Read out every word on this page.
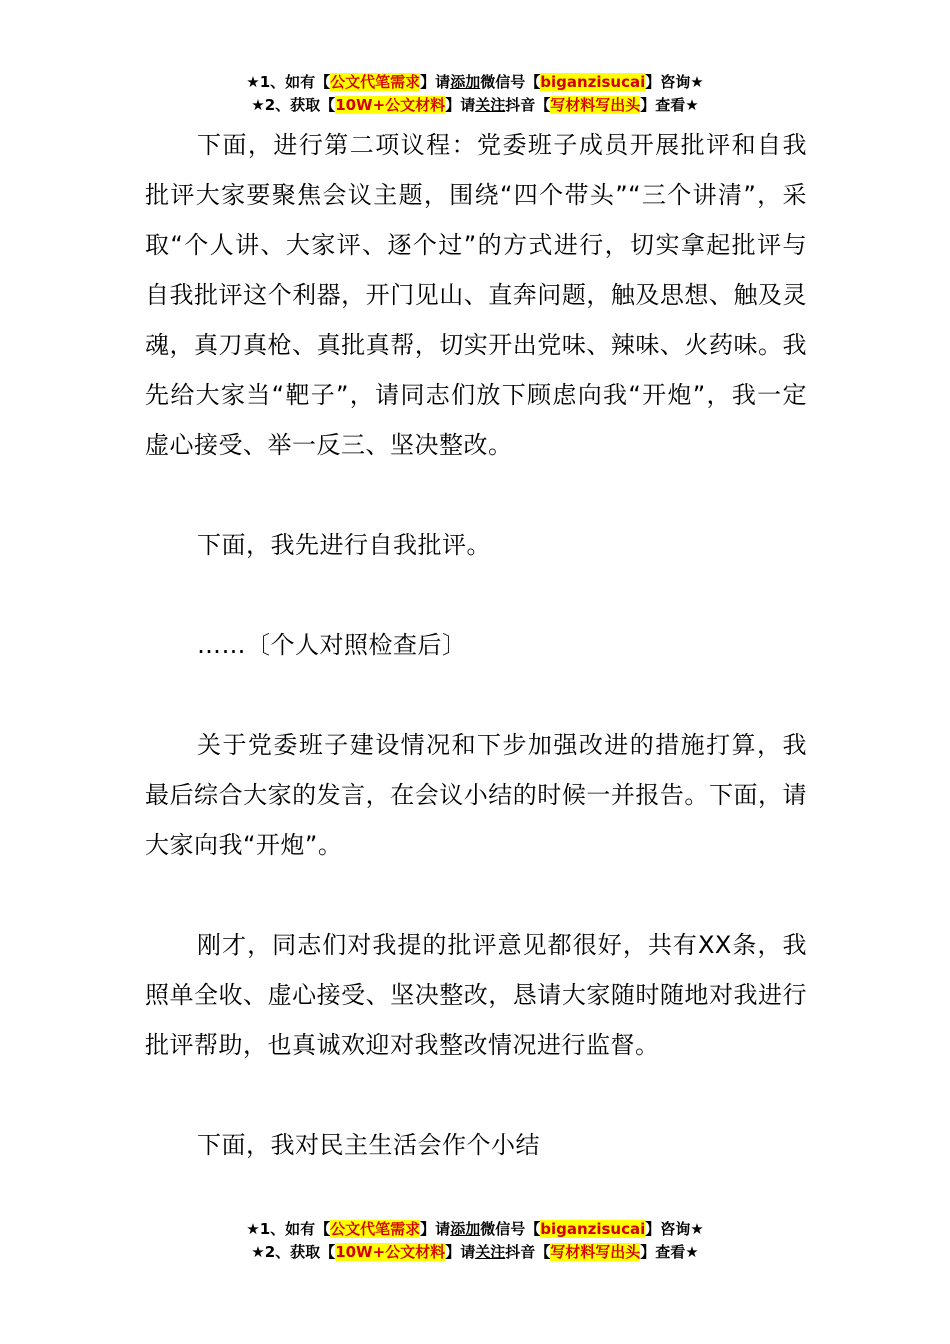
★1、如有【公文代笔需求】请添加微信号【biganzisucai】咨询★
★2、获取【10W+公文材料】请关注抖音【写材料写出头】查看★

下面，进行第二项议程：党委班子成员开展批评和自我批评大家要聚焦会议主题，围绕“四个带头”“三个讲清”，采取“个人讲、大家评、逐个过”的方式进行，切实拿起批评与自我批评这个利器，开门见山、直奔问题，触及思想、触及灵魂，真刀真枪、真批真帮，切实开出党味、辣味、火药味。我先给大家当“靶子”，请同志们放下顾虑向我“开炮”，我一定虚心接受、举一反三、坚决整改。

下面，我先进行自我批评。

……〔个人对照检查后〕

关于党委班子建设情况和下步加强改进的措施打算，我最后综合大家的发言，在会议小结的时候一并报告。下面，请大家向我“开炮”。

刚才，同志们对我提的批评意见都很好，共有XX条，我照单全收、虚心接受、坚决整改，恳请大家随时随地对我进行批评帮助，也真诚欢迎对我整改情况进行监督。

下面，我对民主生活会作个小结

★1、如有【公文代笔需求】请添加微信号【biganzisucai】咨询★
★2、获取【10W+公文材料】请关注抖音【写材料写出头】查看★
